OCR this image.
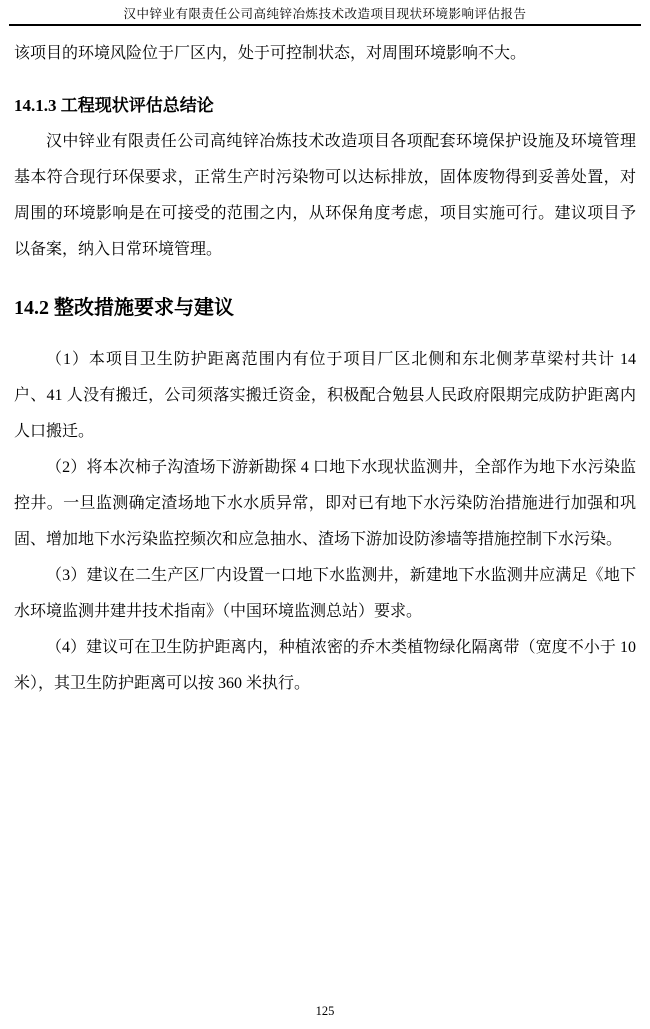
汉中锌业有限责任公司高纯锌冶炼技术改造项目现状环境影响评估报告

该项目的环境风险位于厂区内，处于可控制状态，对周围环境影响不大。

14.1.3 工程现状评估总结论

汉中锌业有限责任公司高纯锌冶炼技术改造项目各项配套环境保护设施及环境管理基本符合现行环保要求，正常生产时污染物可以达标排放，固体废物得到妥善处置，对周围的环境影响是在可接受的范围之内，从环保角度考虑，项目实施可行。建议项目予以备案，纳入日常环境管理。

14.2 整改措施要求与建议

（1）本项目卫生防护距离范围内有位于项目厂区北侧和东北侧茅草梁村共计 14 户、41 人没有搬迁，公司须落实搬迁资金，积极配合勉县人民政府限期完成防护距离内人口搬迁。

（2）将本次柿子沟渣场下游新勘探 4 口地下水现状监测井，全部作为地下水污染监控井。一旦监测确定渣场地下水水质异常，即对已有地下水污染防治措施进行加强和巩固、增加地下水污染监控频次和应急抽水、渣场下游加设防渗墙等措施控制下水污染。

（3）建议在二生产区厂内设置一口地下水监测井，新建地下水监测井应满足《地下水环境监测井建井技术指南》（中国环境监测总站）要求。

（4）建议可在卫生防护距离内，种植浓密的乔木类植物绿化隔离带（宽度不小于 10 米），其卫生防护距离可以按 360 米执行。

125
